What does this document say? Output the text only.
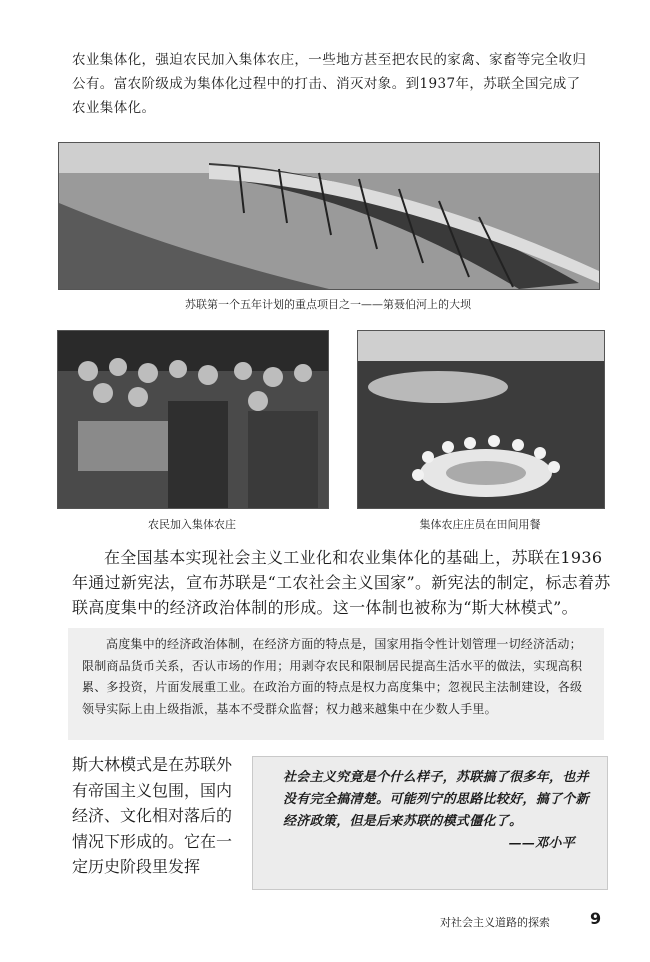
农业集体化，强迫农民加入集体农庄，一些地方甚至把农民的家禽、家畜等完全收归公有。富农阶级成为集体化过程中的打击、消灭对象。到1937年，苏联全国完成了农业集体化。
苏联第一个五年计划的重点项目之一——第聂伯河上的大坝
农民加入集体农庄	集体农庄庄员在田间用餐
在全国基本实现社会主义工业化和农业集体化的基础上，苏联在1936年通过新宪法，宣布苏联是“工农社会主义国家”。新宪法的制定，标志着苏联高度集中的经济政治体制的形成。这一体制也被称为“斯大林模式”。
高度集中的经济政治体制，在经济方面的特点是，国家用指令性计划管理一切经济活动；限制商品货币关系，否认市场的作用；用剥夺农民和限制居民提高生活水平的做法，实现高积累、多投资，片面发展重工业。在政治方面的特点是权力高度集中；忽视民主法制建设，各级领导实际上由上级指派，基本不受群众监督；权力越来越集中在少数人手里。
斯大林模式是在苏联外有帝国主义包围，国内经济、文化相对落后的情况下形成的。它在一定历史阶段里发挥
社会主义究竟是个什么样子，苏联搞了很多年，也并没有完全搞清楚。可能列宁的思路比较好，搞了个新经济政策，但是后来苏联的模式僵化了。
——邓小平
对社会主义道路的探索	9
